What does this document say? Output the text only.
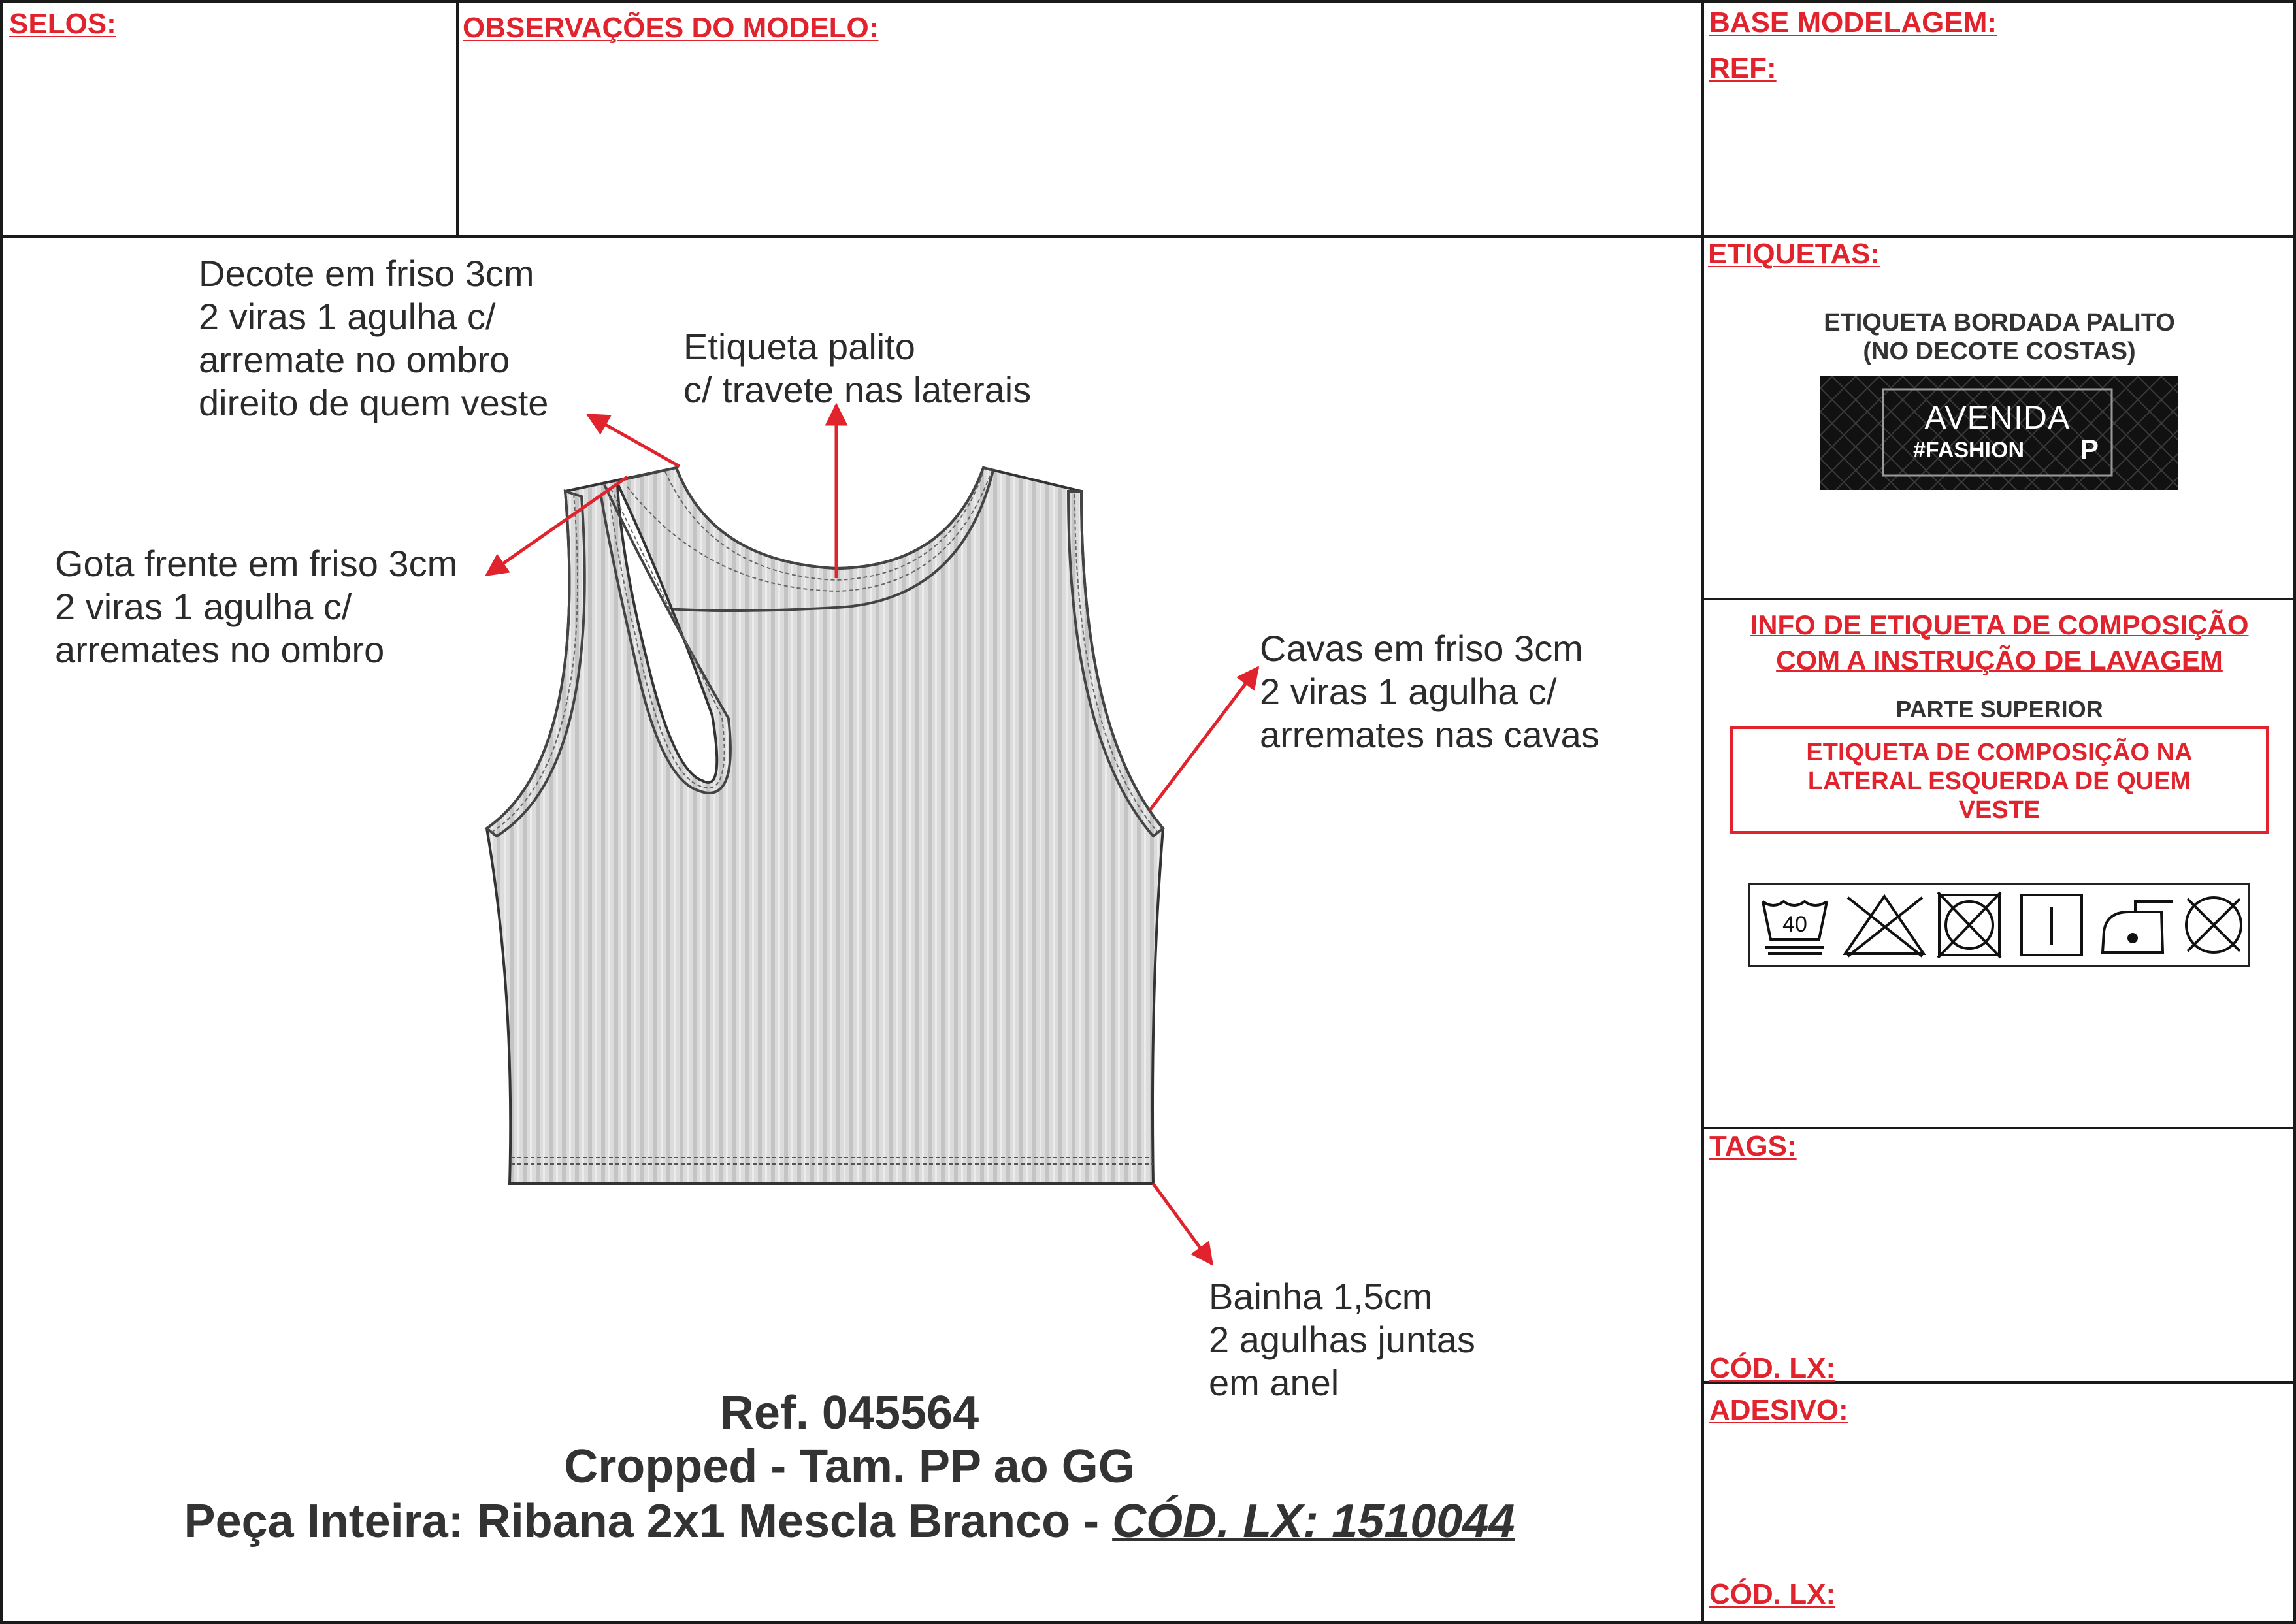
SELOS:	OBSERVAÇÕES DO MODELO:	BASE MODELAGEM:
REF:
Decote em friso 3cm
2 viras 1 agulha c/
arremate no ombro
direito de quem veste
Etiqueta palito
c/ travete nas laterais
Gota frente em friso 3cm
2 viras 1 agulha c/
arremates no ombro	Cavas em friso 3cm
2 viras 1 agulha c/
arremates nas cavas
Bainha 1,5cm
2 agulhas juntas
em anel
Ref. 045564
Cropped - Tam. PP ao GG
Peça Inteira: Ribana 2x1 Mescla Branco - CÓD. LX: 1510044
ETIQUETAS:
ETIQUETA BORDADA PALITO
(NO DECOTE COSTAS)
AVENIDA
#FASHION	P
INFO DE ETIQUETA DE COMPOSIÇÃO
COM A INSTRUÇÃO DE LAVAGEM
PARTE SUPERIOR
ETIQUETA DE COMPOSIÇÃO NA
LATERAL ESQUERDA DE QUEM
VESTE
40
TAGS:
CÓD. LX:
ADESIVO:
CÓD. LX:
